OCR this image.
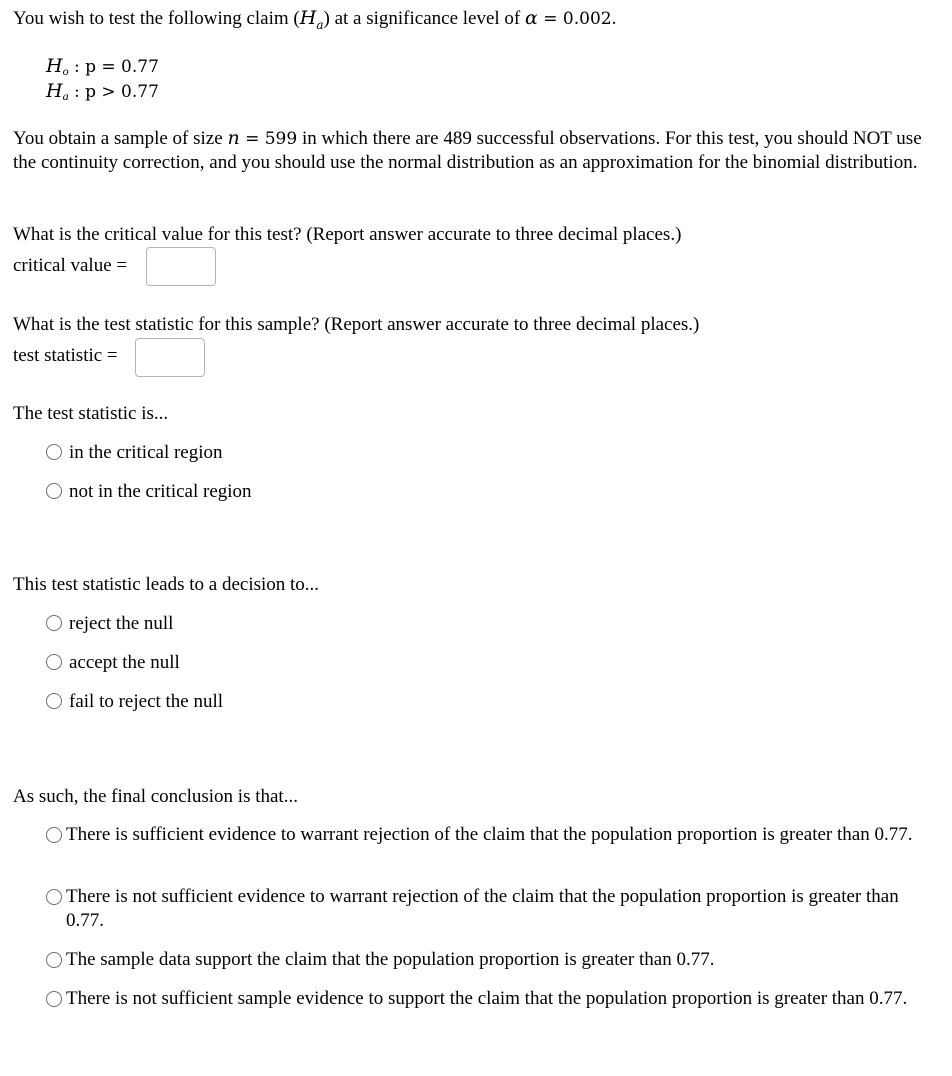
You wish to test the following claim $(H_a)$ at a significance level of α = 0.002.
$H_o$ : p = 0.77
$H_a$ : p > 0.77
You obtain a sample of size n = 599 in which there are 489 successful observations. For this test, you should NOT use the continuity correction, and you should use the normal distribution as an approximation for the binomial distribution.
What is the critical value for this test? (Report answer accurate to three decimal places.)
critical value =
What is the test statistic for this sample? (Report answer accurate to three decimal places.)
test statistic =
The test statistic is...
in the critical region
not in the critical region
This test statistic leads to a decision to...
reject the null
accept the null
fail to reject the null
As such, the final conclusion is that...
There is sufficient evidence to warrant rejection of the claim that the population proportion is greater than 0.77.
There is not sufficient evidence to warrant rejection of the claim that the population proportion is greater than 0.77.
The sample data support the claim that the population proportion is greater than 0.77.
There is not sufficient sample evidence to support the claim that the population proportion is greater than 0.77.
